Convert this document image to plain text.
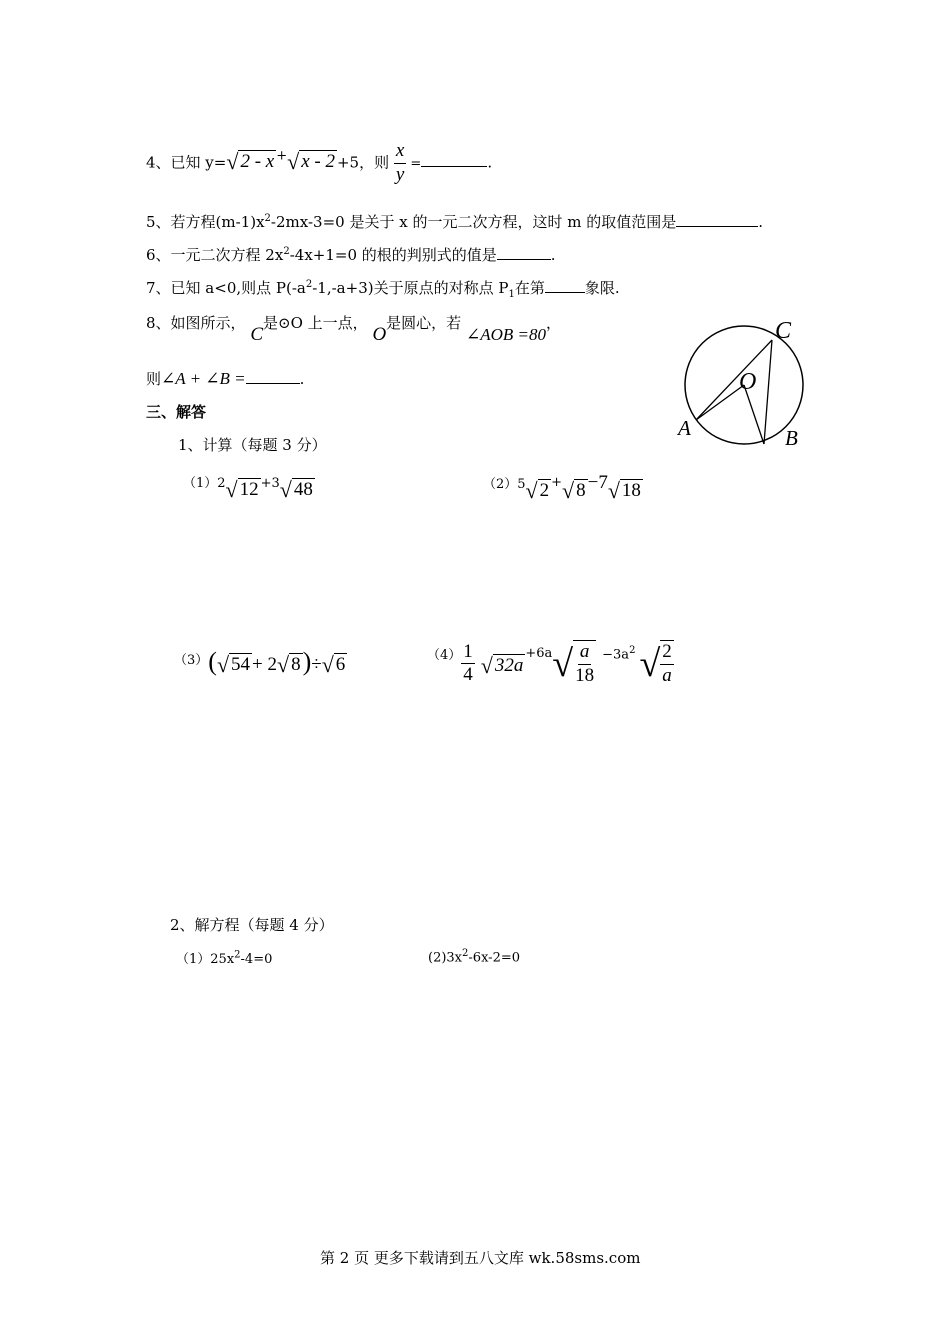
4、已知 y=√ 2 - x +√ x - 2 +5，则 $\frac{x}{y}$ =	.
5、若方程$(m-1)x^2-2mx-3=0$ 是关于 x 的一元二次方程，这时 m 的取值范围是	.
6、一元二次方程 $2x^2-4x+1=0$ 的根的判别式的值是	.
7、已知 a<0,则点 $P(-a^2-1,-a+3)$关于原点的对称点 $P_1$在第	象限.
8、如图所示， C是⊙O 上一点， O是圆心，若 ∠AOB =80，
则∠A + ∠B =	.
C
O
A	B
三、解答
1、计算（每题 3 分）
（1）2√ 12 +3√ 48	（2）5√ 2 +√ 8 −7√ 18
（3）(√ 54 + 2√ 8)÷√ 6	$(4) \frac{1}{4}$ √ 32a
+6a √ $\frac{a}{18} -3a^2$ √ $\frac{2}{a}$
2、解方程（每题 4 分）
$(1)25x^2-4=0$	$(2)3x^2-6x-2=0$
第 2 页 更多下载请到五八文库 wk.58sms.com
